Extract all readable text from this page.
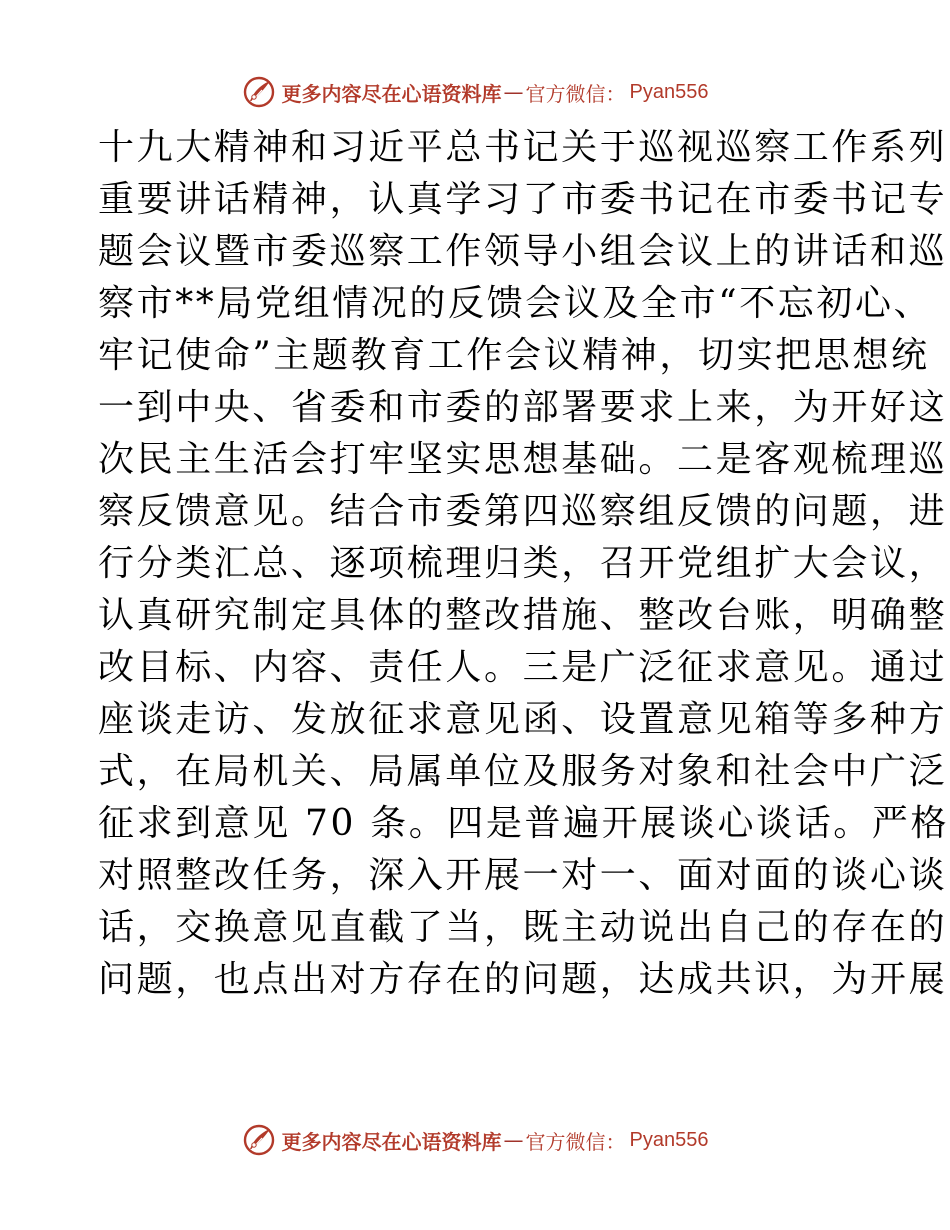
更多内容尽在心语资料库 — 官方微信： Pyan556
十九大精神和习近平总书记关于巡视巡察工作系列
重要讲话精神，认真学习了市委书记在市委书记专
题会议暨市委巡察工作领导小组会议上的讲话和巡
察市**局党组情况的反馈会议及全市“不忘初心、
牢记使命”主题教育工作会议精神，切实把思想统
一到中央、省委和市委的部署要求上来，为开好这
次民主生活会打牢坚实思想基础。二是客观梳理巡
察反馈意见。结合市委第四巡察组反馈的问题，进
行分类汇总、逐项梳理归类，召开党组扩大会议，
认真研究制定具体的整改措施、整改台账，明确整
改目标、内容、责任人。三是广泛征求意见。通过
座谈走访、发放征求意见函、设置意见箱等多种方
式，在局机关、局属单位及服务对象和社会中广泛
征求到意见 70 条。四是普遍开展谈心谈话。严格
对照整改任务，深入开展一对一、面对面的谈心谈
话，交换意见直截了当，既主动说出自己的存在的
问题，也点出对方存在的问题，达成共识，为开展
更多内容尽在心语资料库 — 官方微信： Pyan556
